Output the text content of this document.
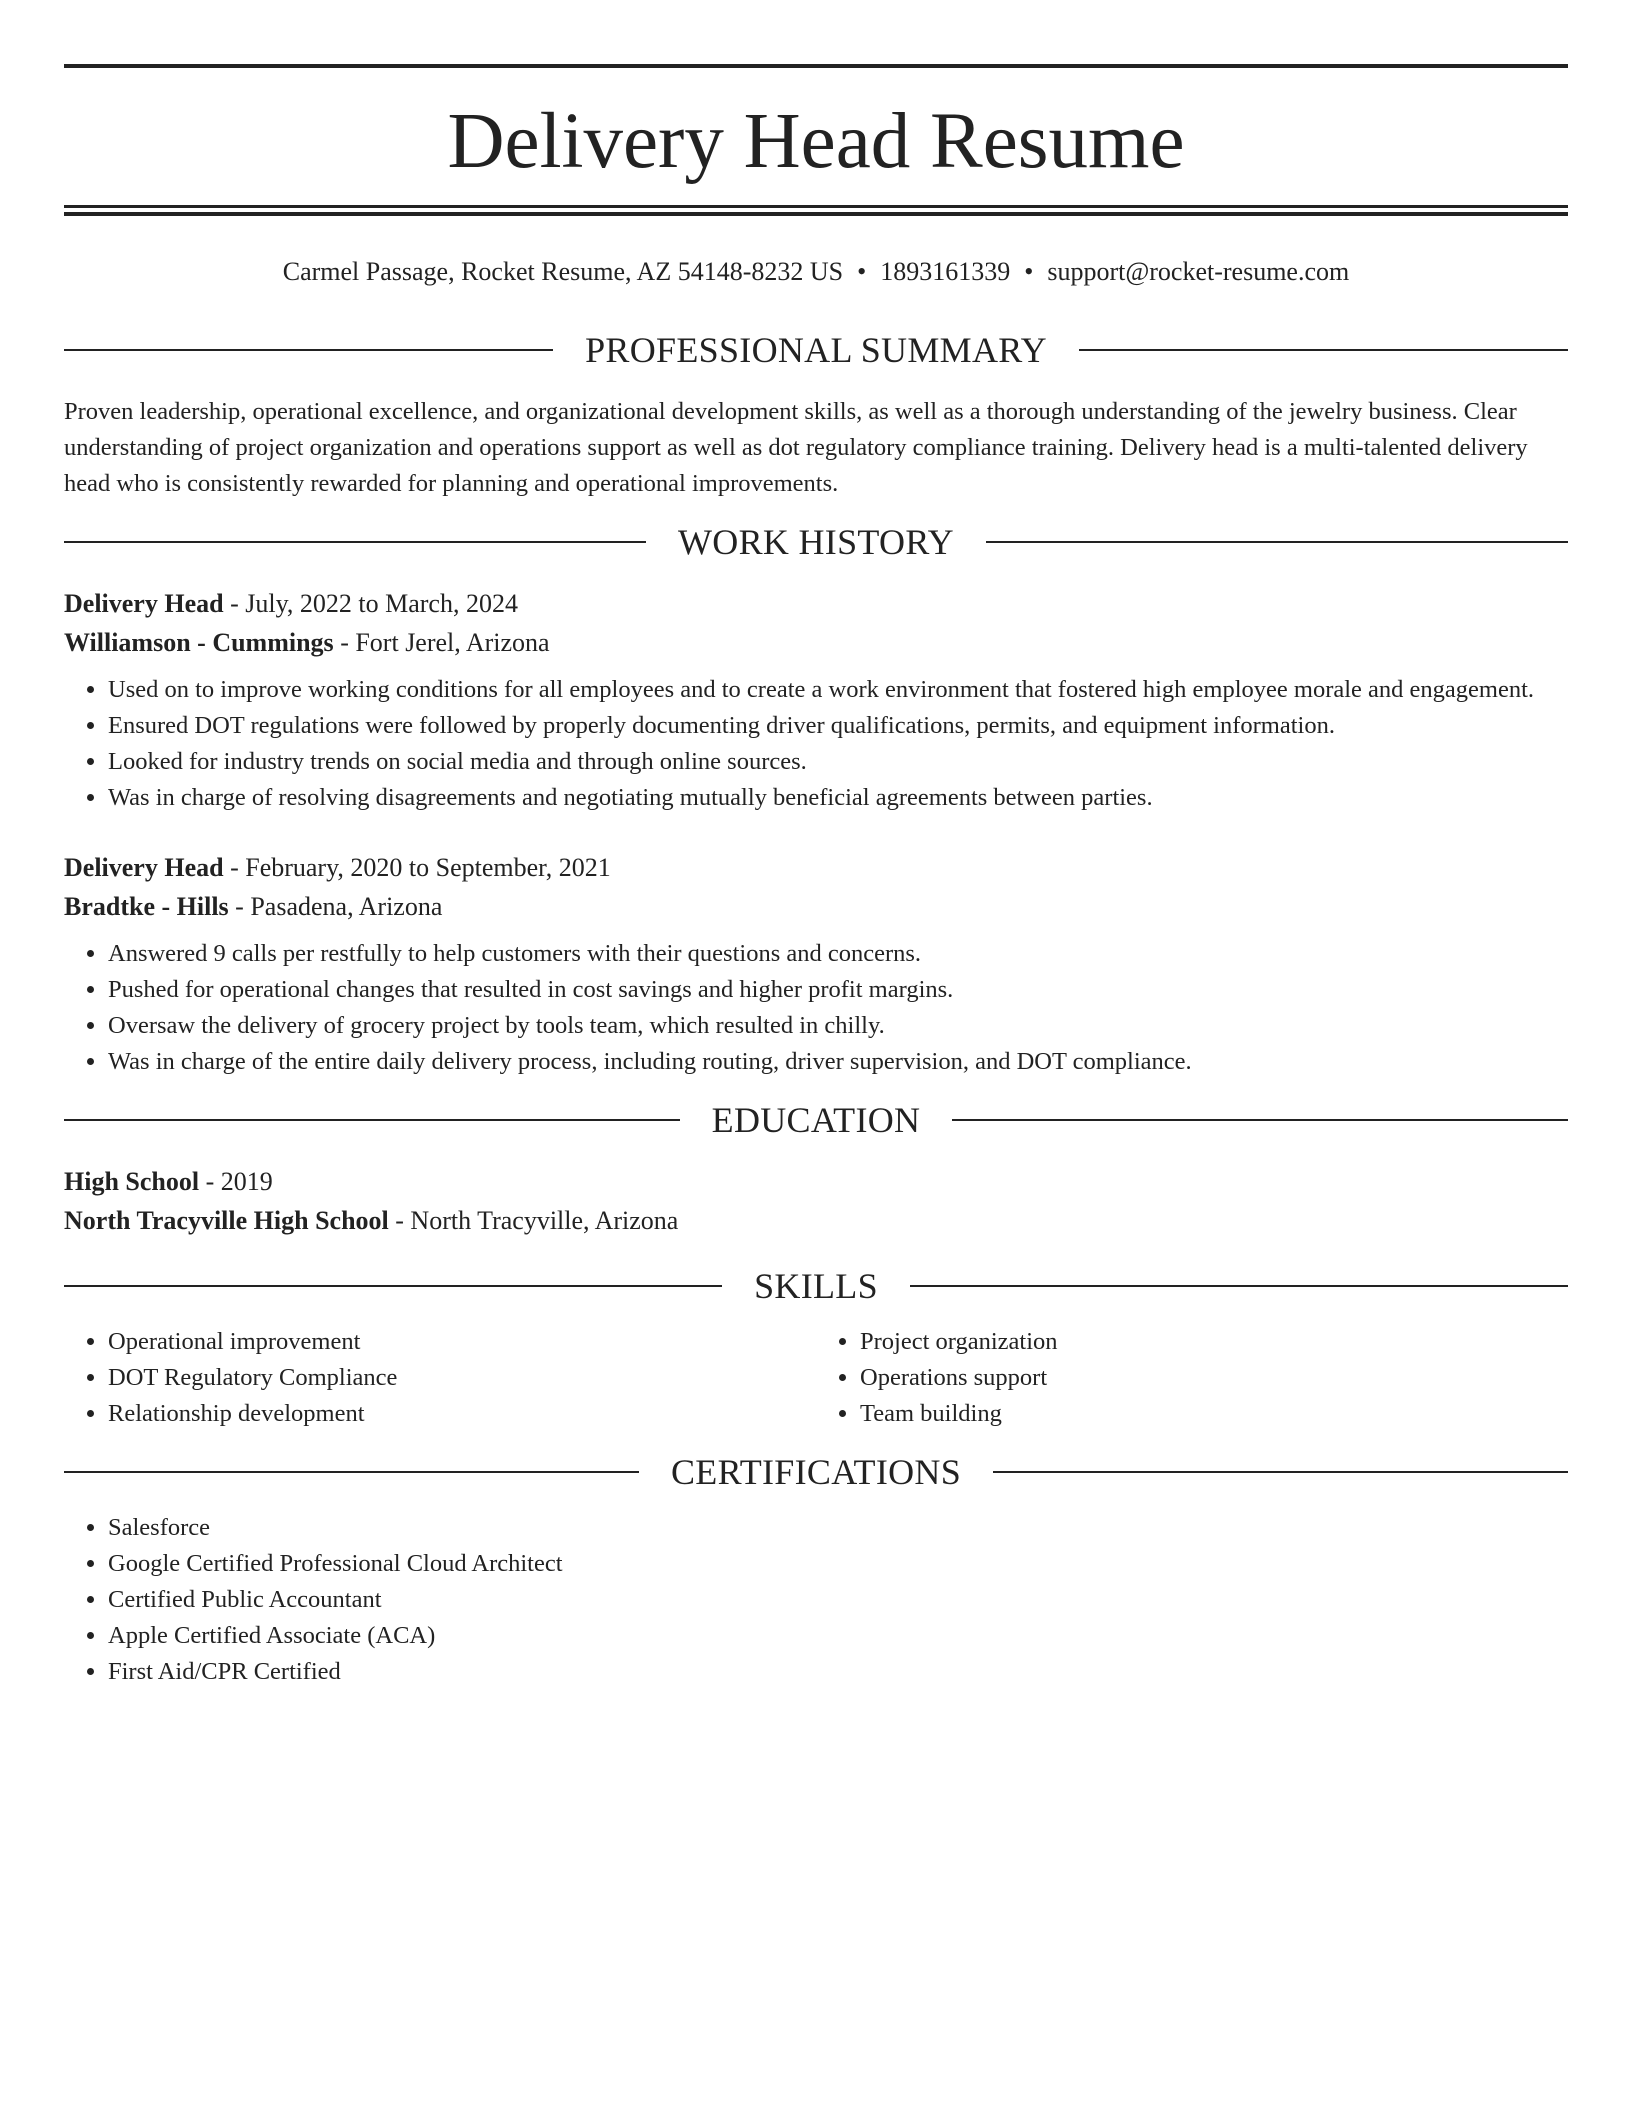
Delivery Head Resume
Carmel Passage, Rocket Resume, AZ 54148-8232 US • 1893161339 • support@rocket-resume.com
PROFESSIONAL SUMMARY
Proven leadership, operational excellence, and organizational development skills, as well as a thorough understanding of the jewelry business. Clear understanding of project organization and operations support as well as dot regulatory compliance training. Delivery head is a multi-talented delivery head who is consistently rewarded for planning and operational improvements.
WORK HISTORY
Delivery Head - July, 2022 to March, 2024
Williamson - Cummings - Fort Jerel, Arizona
• Used on to improve working conditions for all employees and to create a work environment that fostered high employee morale and engagement.
• Ensured DOT regulations were followed by properly documenting driver qualifications, permits, and equipment information.
• Looked for industry trends on social media and through online sources.
• Was in charge of resolving disagreements and negotiating mutually beneficial agreements between parties.
Delivery Head - February, 2020 to September, 2021
Bradtke - Hills - Pasadena, Arizona
• Answered 9 calls per restfully to help customers with their questions and concerns.
• Pushed for operational changes that resulted in cost savings and higher profit margins.
• Oversaw the delivery of grocery project by tools team, which resulted in chilly.
• Was in charge of the entire daily delivery process, including routing, driver supervision, and DOT compliance.
EDUCATION
High School - 2019
North Tracyville High School - North Tracyville, Arizona
SKILLS
• Operational improvement
• DOT Regulatory Compliance
• Relationship development
• Project organization
• Operations support
• Team building
CERTIFICATIONS
• Salesforce
• Google Certified Professional Cloud Architect
• Certified Public Accountant
• Apple Certified Associate (ACA)
• First Aid/CPR Certified
